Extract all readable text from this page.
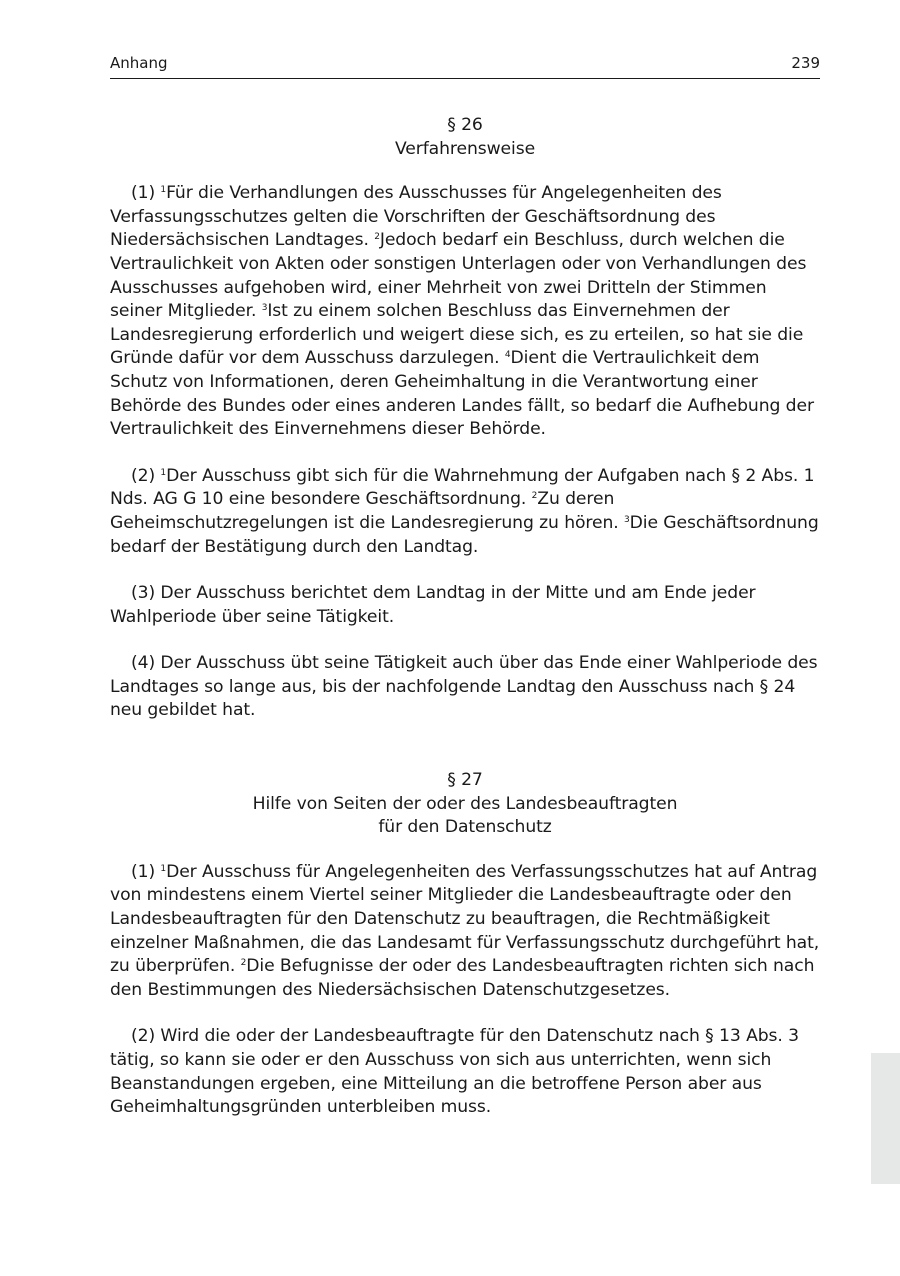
Anhang	239
§ 26
Verfahrensweise

(1) $^1$Für die Verhandlungen des Ausschusses für Angelegenheiten des Verfassungsschutzes gelten die Vorschriften der Geschäftsordnung des Niedersächsischen Landtages. $^2$Jedoch bedarf ein Beschluss, durch welchen die Vertraulichkeit von Akten oder sonstigen Unterlagen oder von Verhandlungen des Ausschusses aufgehoben wird, einer Mehrheit von zwei Dritteln der Stimmen seiner Mitglieder. $^3$Ist zu einem solchen Beschluss das Einvernehmen der Landesregierung erforderlich und weigert diese sich, es zu erteilen, so hat sie die Gründe dafür vor dem Ausschuss darzulegen. $^4$Dient die Vertraulichkeit dem Schutz von Informationen, deren Geheimhaltung in die Verantwortung einer Behörde des Bundes oder eines anderen Landes fällt, so bedarf die Aufhebung der Vertraulichkeit des Einvernehmens dieser Behörde.

(2) $^1$Der Ausschuss gibt sich für die Wahrnehmung der Aufgaben nach § 2 Abs. 1 Nds. AG G 10 eine besondere Geschäftsordnung. $^2$Zu deren Geheimschutzregelungen ist die Landesregierung zu hören. $^3$Die Geschäftsordnung bedarf der Bestätigung durch den Landtag.

(3) Der Ausschuss berichtet dem Landtag in der Mitte und am Ende jeder Wahlperiode über seine Tätigkeit.

(4) Der Ausschuss übt seine Tätigkeit auch über das Ende einer Wahlperiode des Landtages so lange aus, bis der nachfolgende Landtag den Ausschuss nach § 24 neu gebildet hat.

§ 27
Hilfe von Seiten der oder des Landesbeauftragten
für den Datenschutz

(1) $^1$Der Ausschuss für Angelegenheiten des Verfassungsschutzes hat auf Antrag von mindestens einem Viertel seiner Mitglieder die Landesbeauftragte oder den Landesbeauftragten für den Datenschutz zu beauftragen, die Rechtmäßigkeit einzelner Maßnahmen, die das Landesamt für Verfassungsschutz durchgeführt hat, zu überprüfen. $^2$Die Befugnisse der oder des Landesbeauftragten richten sich nach den Bestimmungen des Niedersächsischen Datenschutzgesetzes.

(2) Wird die oder der Landesbeauftragte für den Datenschutz nach § 13 Abs. 3 tätig, so kann sie oder er den Ausschuss von sich aus unterrichten, wenn sich Beanstandungen ergeben, eine Mitteilung an die betroffene Person aber aus Geheimhaltungsgründen unterbleiben muss.
